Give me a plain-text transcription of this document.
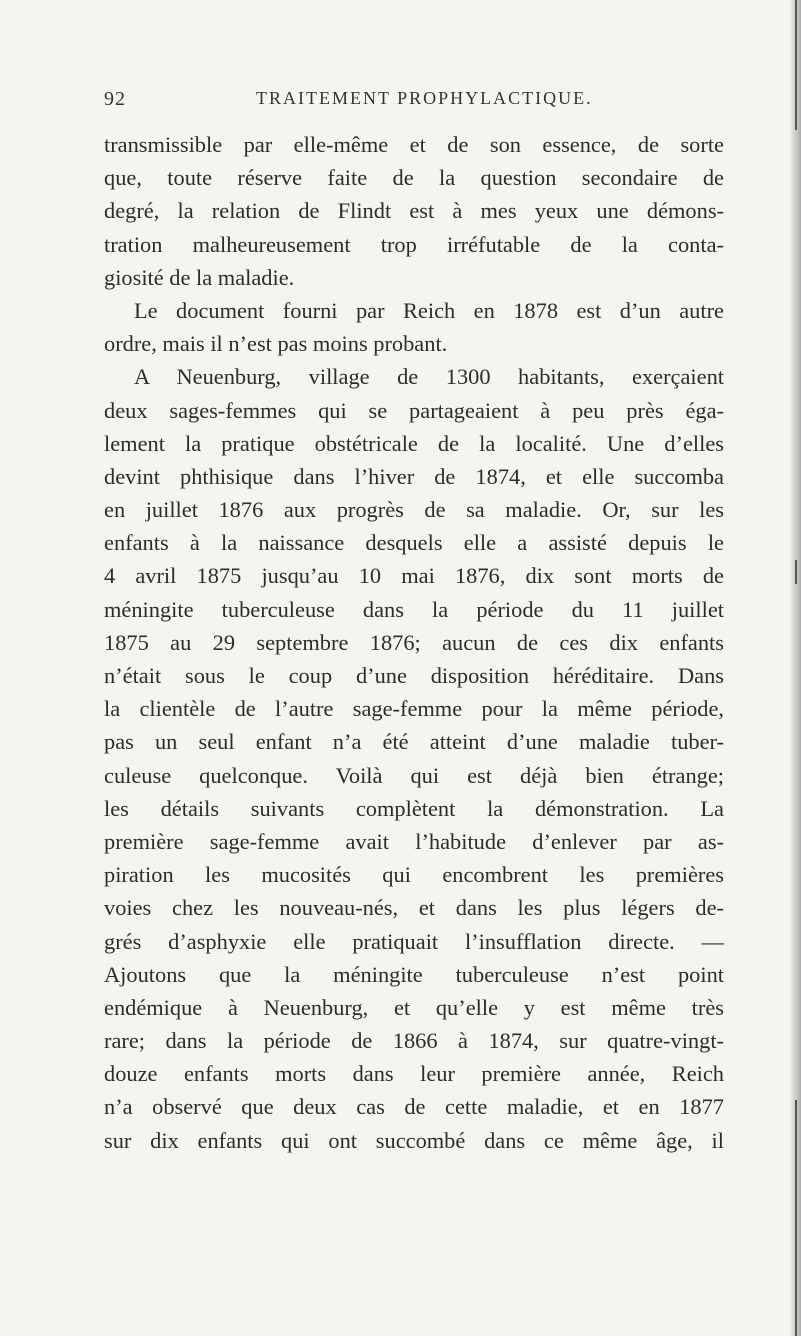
92	TRAITEMENT PROPHYLACTIQUE.
transmissible par elle-même et de son essence, de sorte
que, toute réserve faite de la question secondaire de
degré, la relation de Flindt est à mes yeux une démons-
tration malheureusement trop irréfutable de la conta-
giosité de la maladie.
Le document fourni par Reich en 1878 est d’un autre
ordre, mais il n’est pas moins probant.
A Neuenburg, village de 1300 habitants, exerçaient
deux sages-femmes qui se partageaient à peu près éga-
lement la pratique obstétricale de la localité. Une d’elles
devint phthisique dans l’hiver de 1874, et elle succomba
en juillet 1876 aux progrès de sa maladie. Or, sur les
enfants à la naissance desquels elle a assisté depuis le
4 avril 1875 jusqu’au 10 mai 1876, dix sont morts de
méningite tuberculeuse dans la période du 11 juillet
1875 au 29 septembre 1876; aucun de ces dix enfants
n’était sous le coup d’une disposition héréditaire. Dans
la clientèle de l’autre sage-femme pour la même période,
pas un seul enfant n’a été atteint d’une maladie tuber-
culeuse quelconque. Voilà qui est déjà bien étrange;
les détails suivants complètent la démonstration. La
première sage-femme avait l’habitude d’enlever par as-
piration les mucosités qui encombrent les premières
voies chez les nouveau-nés, et dans les plus légers de-
grés d’asphyxie elle pratiquait l’insufflation directe. —
Ajoutons que la méningite tuberculeuse n’est point
endémique à Neuenburg, et qu’elle y est même très
rare; dans la période de 1866 à 1874, sur quatre-vingt-
douze enfants morts dans leur première année, Reich
n’a observé que deux cas de cette maladie, et en 1877
sur dix enfants qui ont succombé dans ce même âge, il
